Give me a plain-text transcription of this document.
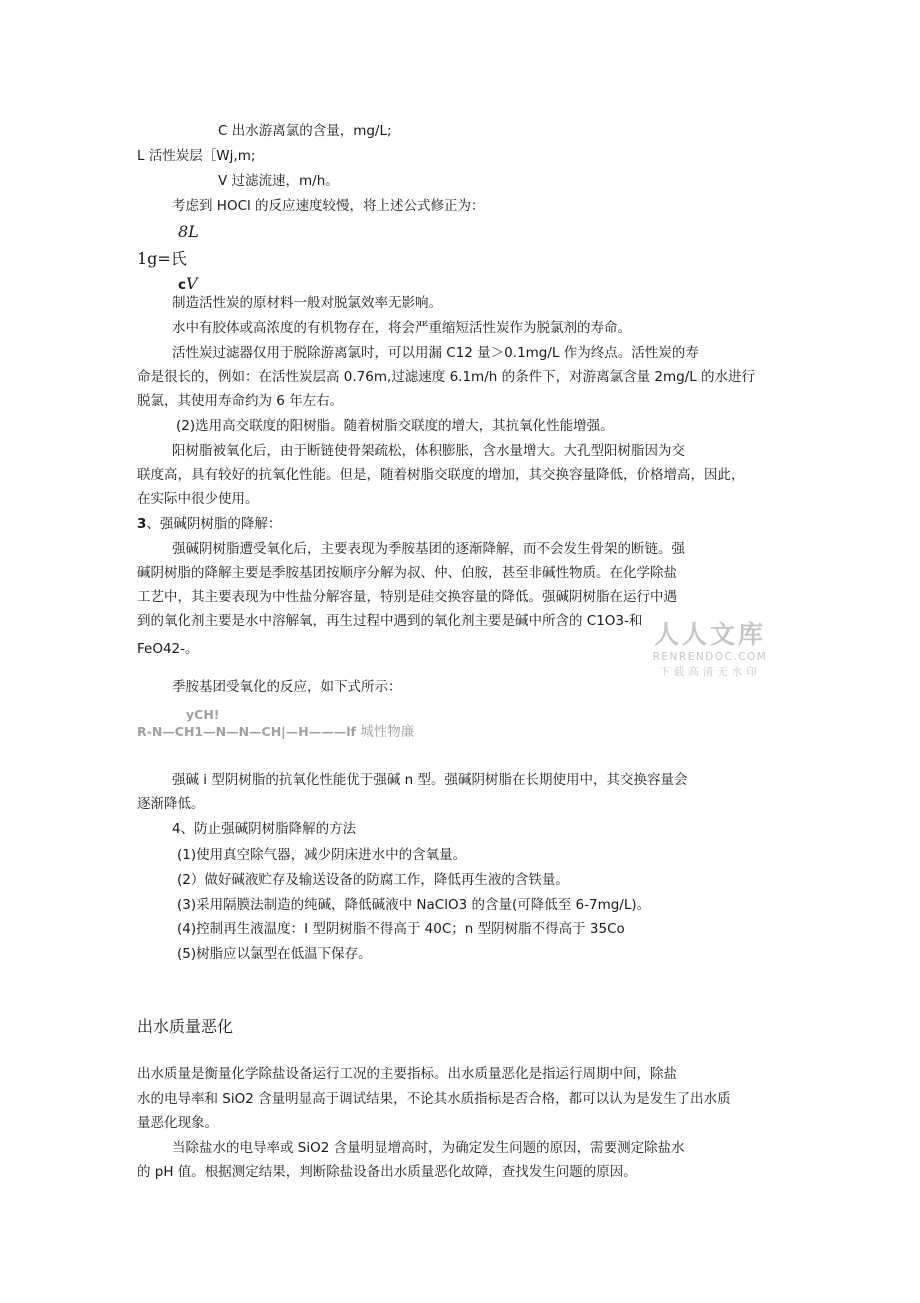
C 出水游离氯的含量，mg/L;
L 活性炭层［Wj,m;
V 过滤流速，m/h。
考虑到 HOCl 的反应速度较慢，将上述公式修正为：
8L
1g=氏
cV
制造活性炭的原材料一般对脱氯效率无影响。
水中有胶体或高浓度的有机物存在，将会严重缩短活性炭作为脱氯剂的寿命。
活性炭过滤器仅用于脱除游离氯时，可以用漏 C12 量＞0.1mg/L 作为终点。活性炭的寿
命是很长的，例如：在活性炭层高 0.76m,过滤速度 6.1m/h 的条件下，对游离氯含量 2mg/L 的水进行
脱氯，其使用寿命约为 6 年左右。
(2)选用高交联度的阳树脂。随着树脂交联度的增大，其抗氧化性能增强。
阳树脂被氧化后，由于断链使骨架疏松，体积膨胀，含水量增大。大孔型阳树脂因为交
联度高，具有较好的抗氧化性能。但是，随着树脂交联度的增加，其交换容量降低，价格增高，因此，
在实际中很少使用。
3、强碱阴树脂的降解：
强碱阴树脂遭受氧化后，主要表现为季胺基团的逐渐降解，而不会发生骨架的断链。强
碱阴树脂的降解主要是季胺基团按顺序分解为叔、仲、伯胺，甚至非碱性物质。在化学除盐
工艺中，其主要表现为中性盐分解容量，特别是硅交换容量的降低。强碱阴树脂在运行中遇
到的氧化剂主要是水中溶解氧，再生过程中遇到的氧化剂主要是碱中所含的 C1O3-和
FeO42-。
季胺基团受氧化的反应，如下式所示：
yCH!
R-N—CH1—N—N—CH|—H———lf 城性物廉
强碱 i 型阴树脂的抗氧化性能优于强碱 n 型。强碱阴树脂在长期使用中，其交换容量会
逐渐降低。
4、防止强碱阴树脂降解的方法
(1)使用真空除气器，减少阴床进水中的含氧量。
(2）做好碱液贮存及输送设备的防腐工作，降低再生液的含铁量。
(3)采用隔膜法制造的纯碱，降低碱液中 NaClO3 的含量(可降低至 6-7mg/L)。
(4)控制再生液温度：I 型阴树脂不得高于 40C；n 型阴树脂不得高于 35Co
(5)树脂应以氯型在低温下保存。
出水质量恶化
出水质量是衡量化学除盐设备运行工况的主要指标。出水质量恶化是指运行周期中间，除盐
水的电导率和 SiO2 含量明显高于调试结果，不论其水质指标是否合格，都可以认为是发生了出水质
量恶化现象。
当除盐水的电导率或 SiO2 含量明显增高时，为确定发生问题的原因，需要测定除盐水
的 pH 值。根据测定结果，判断除盐设备出水质量恶化故障，查找发生问题的原因。
人人文库
RENRENDOC.COM
下载高清无水印
